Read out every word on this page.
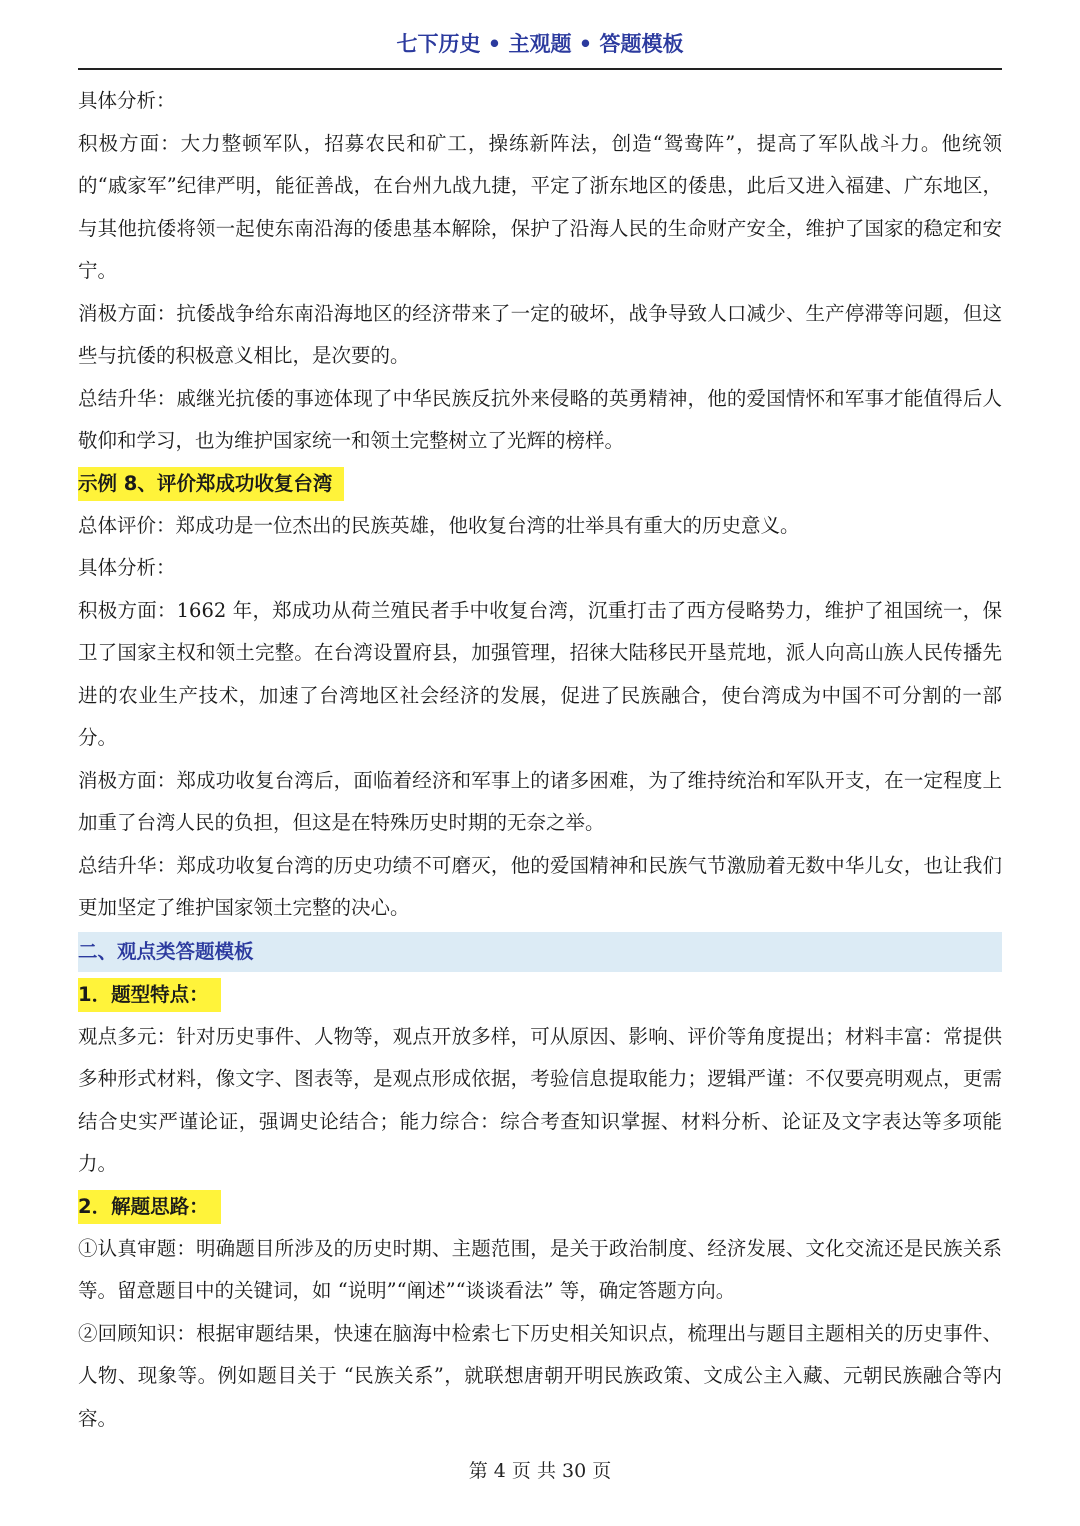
七下历史 • 主观题 • 答题模板

具体分析：

积极方面：大力整顿军队，招募农民和矿工，操练新阵法，创造“鸳鸯阵”，提高了军队战斗力。他统领的“戚家军”纪律严明，能征善战，在台州九战九捷，平定了浙东地区的倭患，此后又进入福建、广东地区，与其他抗倭将领一起使东南沿海的倭患基本解除，保护了沿海人民的生命财产安全，维护了国家的稳定和安宁。

消极方面：抗倭战争给东南沿海地区的经济带来了一定的破坏，战争导致人口减少、生产停滞等问题，但这些与抗倭的积极意义相比，是次要的。

总结升华：戚继光抗倭的事迹体现了中华民族反抗外来侵略的英勇精神，他的爱国情怀和军事才能值得后人敬仰和学习，也为维护国家统一和领土完整树立了光辉的榜样。

示例 8、评价郑成功收复台湾

总体评价：郑成功是一位杰出的民族英雄，他收复台湾的壮举具有重大的历史意义。

具体分析：

积极方面：1662 年，郑成功从荷兰殖民者手中收复台湾，沉重打击了西方侵略势力，维护了祖国统一，保卫了国家主权和领土完整。在台湾设置府县，加强管理，招徕大陆移民开垦荒地，派人向高山族人民传播先进的农业生产技术，加速了台湾地区社会经济的发展，促进了民族融合，使台湾成为中国不可分割的一部分。

消极方面：郑成功收复台湾后，面临着经济和军事上的诸多困难，为了维持统治和军队开支，在一定程度上加重了台湾人民的负担，但这是在特殊历史时期的无奈之举。

总结升华：郑成功收复台湾的历史功绩不可磨灭，他的爱国精神和民族气节激励着无数中华儿女，也让我们更加坚定了维护国家领土完整的决心。

二、观点类答题模板
1．题型特点：

观点多元：针对历史事件、人物等，观点开放多样，可从原因、影响、评价等角度提出；材料丰富：常提供多种形式材料，像文字、图表等，是观点形成依据，考验信息提取能力；逻辑严谨：不仅要亮明观点，更需结合史实严谨论证，强调史论结合；能力综合：综合考查知识掌握、材料分析、论证及文字表达等多项能力。

2．解题思路：

①认真审题：明确题目所涉及的历史时期、主题范围，是关于政治制度、经济发展、文化交流还是民族关系等。留意题目中的关键词，如 “说明”“阐述”“谈谈看法” 等，确定答题方向。

②回顾知识：根据审题结果，快速在脑海中检索七下历史相关知识点，梳理出与题目主题相关的历史事件、人物、现象等。例如题目关于 “民族关系”，就联想唐朝开明民族政策、文成公主入藏、元朝民族融合等内容。

第 4 页 共 30 页
